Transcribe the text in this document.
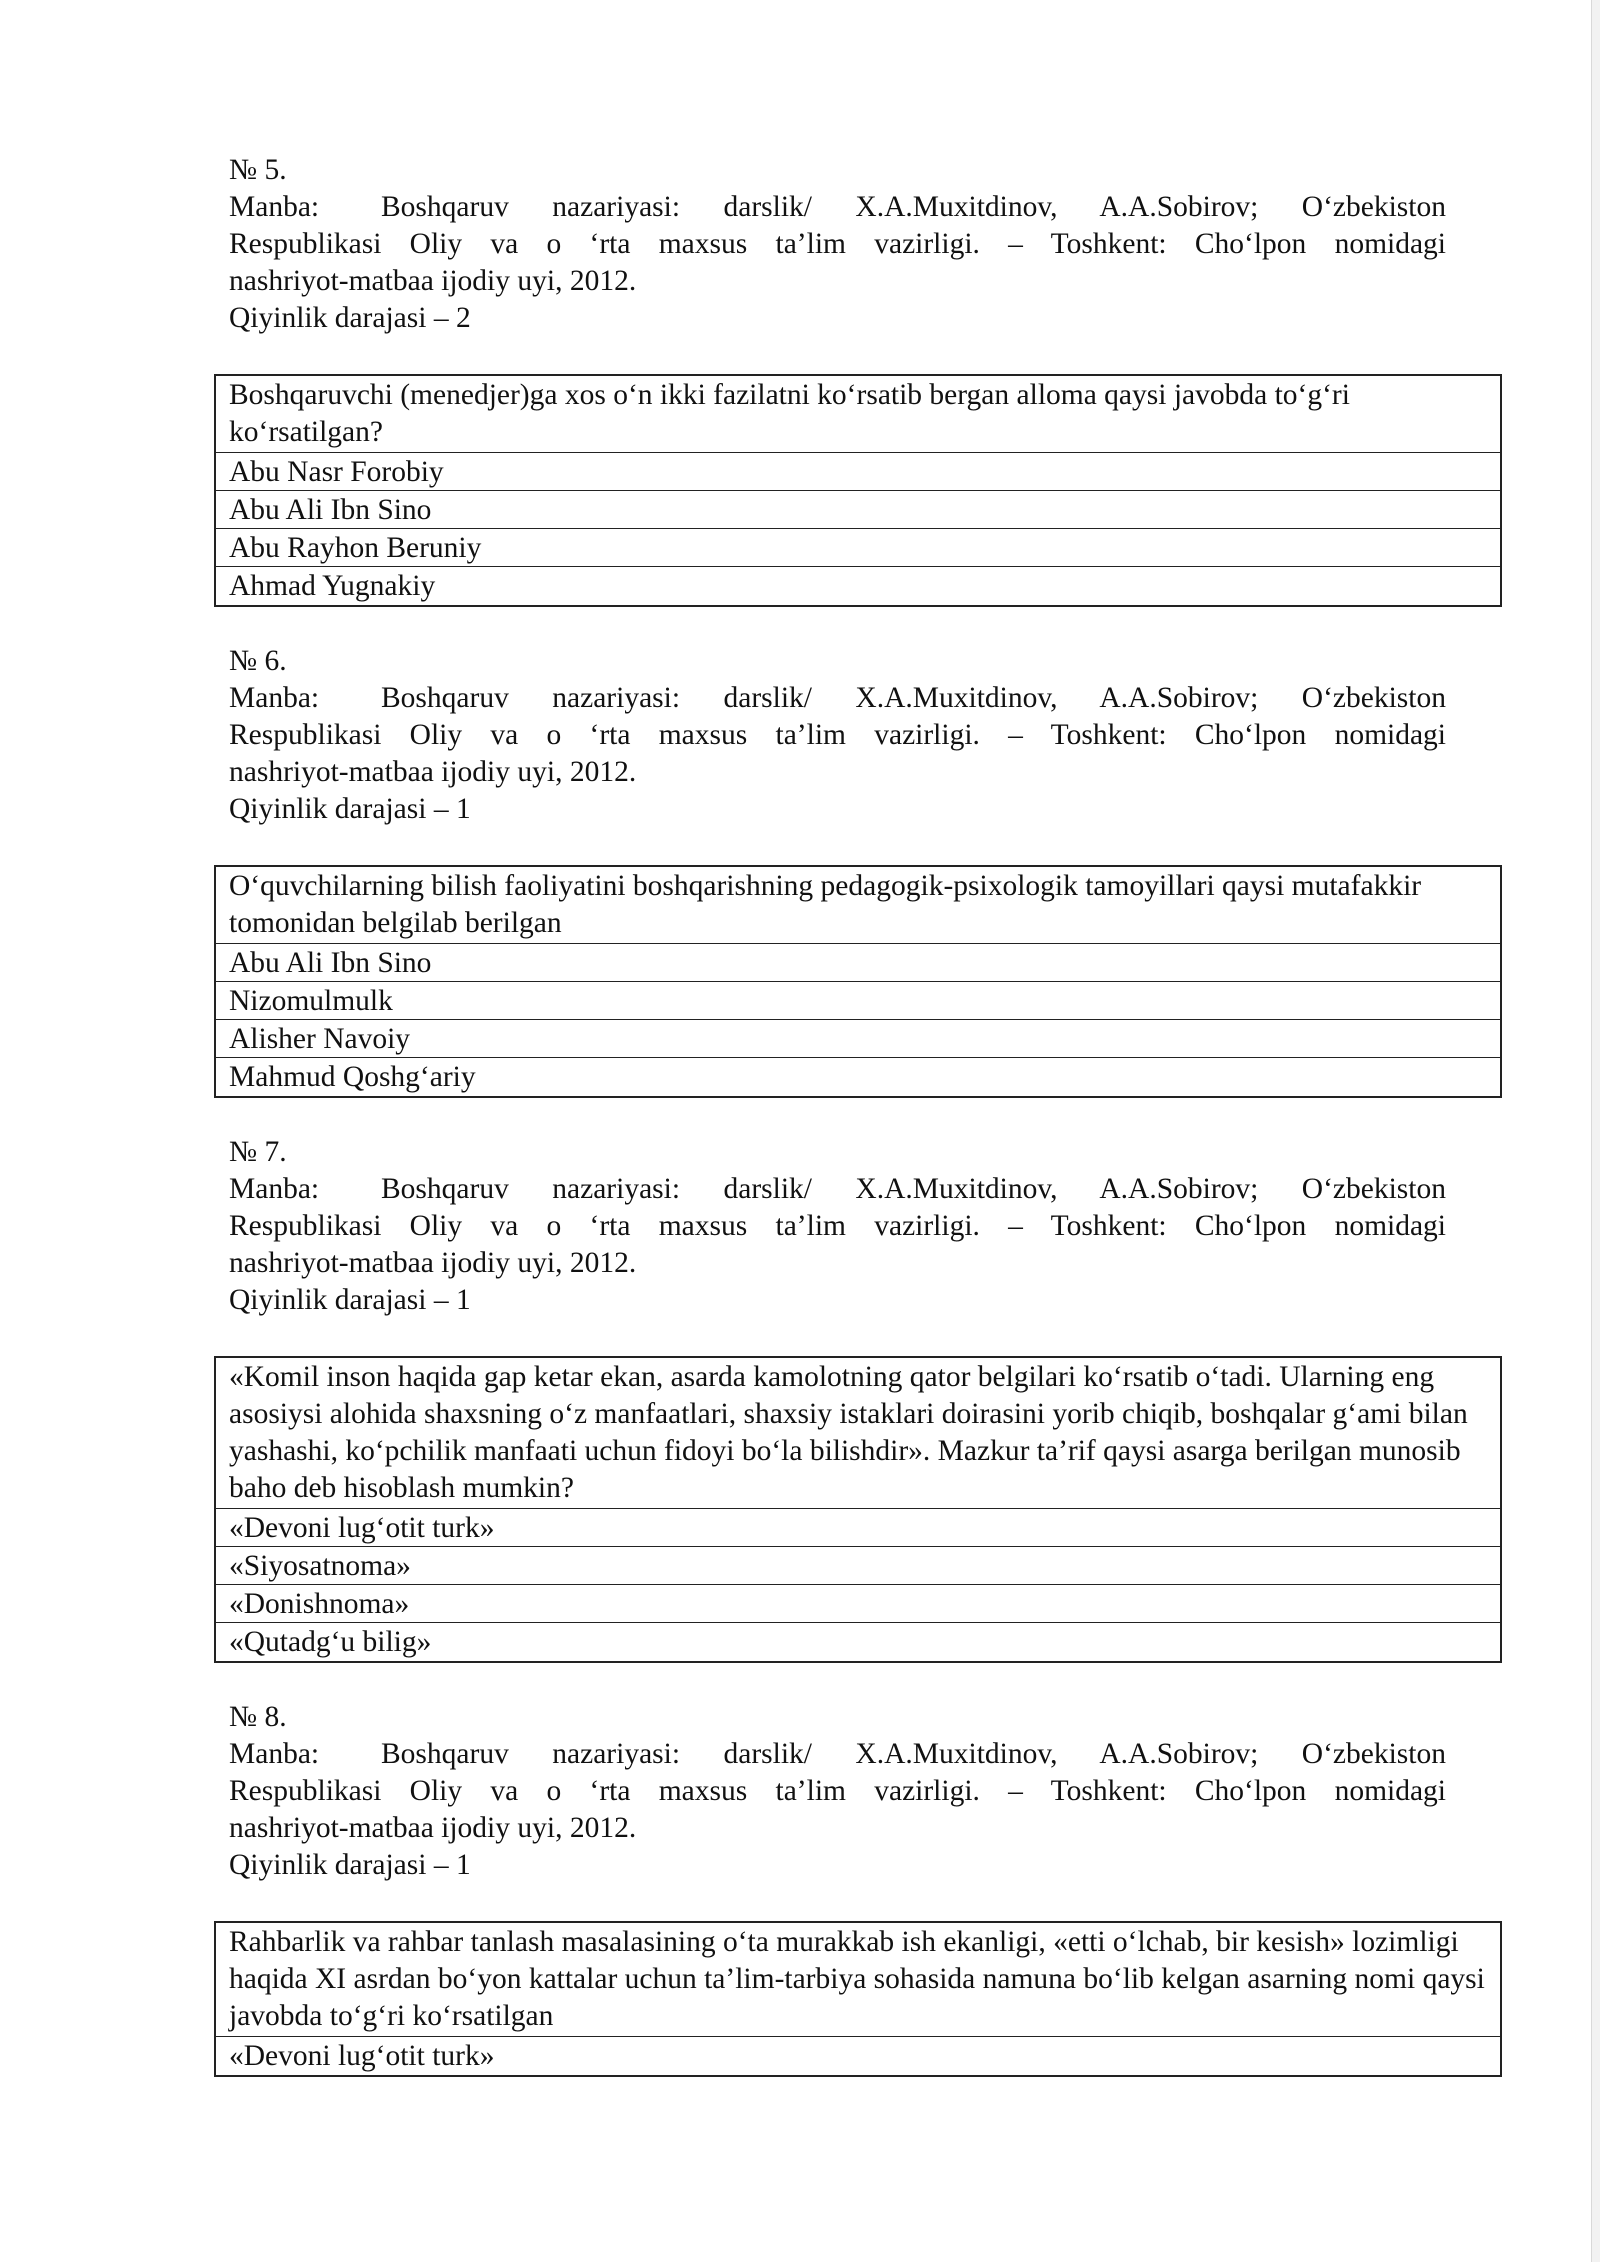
№ 5.
Manba: Boshqaruv nazariyasi: darslik/ X.A.Muxitdinov, A.A.Sobirov; O‘zbekiston
Respublikasi Oliy va o ‘rta maxsus ta’lim vazirligi. – Toshkent: Cho‘lpon nomidagi
nashriyot-matbaa ijodiy uyi, 2012.
Qiyinlik darajasi – 2
Boshqaruvchi (menedjer)ga xos o‘n ikki fazilatni ko‘rsatib bergan alloma qaysi javobda to‘g‘ri ko‘rsatilgan?
Abu Nasr Forobiy
Abu Ali Ibn Sino
Abu Rayhon Beruniy
Ahmad Yugnakiy
№ 6.
Manba: Boshqaruv nazariyasi: darslik/ X.A.Muxitdinov, A.A.Sobirov; O‘zbekiston
Respublikasi Oliy va o ‘rta maxsus ta’lim vazirligi. – Toshkent: Cho‘lpon nomidagi
nashriyot-matbaa ijodiy uyi, 2012.
Qiyinlik darajasi – 1
O‘quvchilarning bilish faoliyatini boshqarishning pedagogik-psixologik tamoyillari qaysi mutafakkir tomonidan belgilab berilgan
Abu Ali Ibn Sino
Nizomulmulk
Alisher Navoiy
Mahmud Qoshg‘ariy
№ 7.
Manba: Boshqaruv nazariyasi: darslik/ X.A.Muxitdinov, A.A.Sobirov; O‘zbekiston
Respublikasi Oliy va o ‘rta maxsus ta’lim vazirligi. – Toshkent: Cho‘lpon nomidagi
nashriyot-matbaa ijodiy uyi, 2012.
Qiyinlik darajasi – 1
«Komil inson haqida gap ketar ekan, asarda kamolotning qator belgilari ko‘rsatib o‘tadi. Ularning eng asosiysi alohida shaxsning o‘z manfaatlari, shaxsiy istaklari doirasini yorib chiqib, boshqalar g‘ami bilan yashashi, ko‘pchilik manfaati uchun fidoyi bo‘la bilishdir». Mazkur ta’rif qaysi asarga berilgan munosib baho deb hisoblash mumkin?
«Devoni lug‘otit turk»
«Siyosatnoma»
«Donishnoma»
«Qutadg‘u bilig»
№ 8.
Manba: Boshqaruv nazariyasi: darslik/ X.A.Muxitdinov, A.A.Sobirov; O‘zbekiston
Respublikasi Oliy va o ‘rta maxsus ta’lim vazirligi. – Toshkent: Cho‘lpon nomidagi
nashriyot-matbaa ijodiy uyi, 2012.
Qiyinlik darajasi – 1
Rahbarlik va rahbar tanlash masalasining o‘ta murakkab ish ekanligi, «etti o‘lchab, bir kesish» lozimligi haqida XI asrdan bo‘yon kattalar uchun ta’lim-tarbiya sohasida namuna bo‘lib kelgan asarning nomi qaysi javobda to‘g‘ri ko‘rsatilgan
«Devoni lug‘otit turk»
